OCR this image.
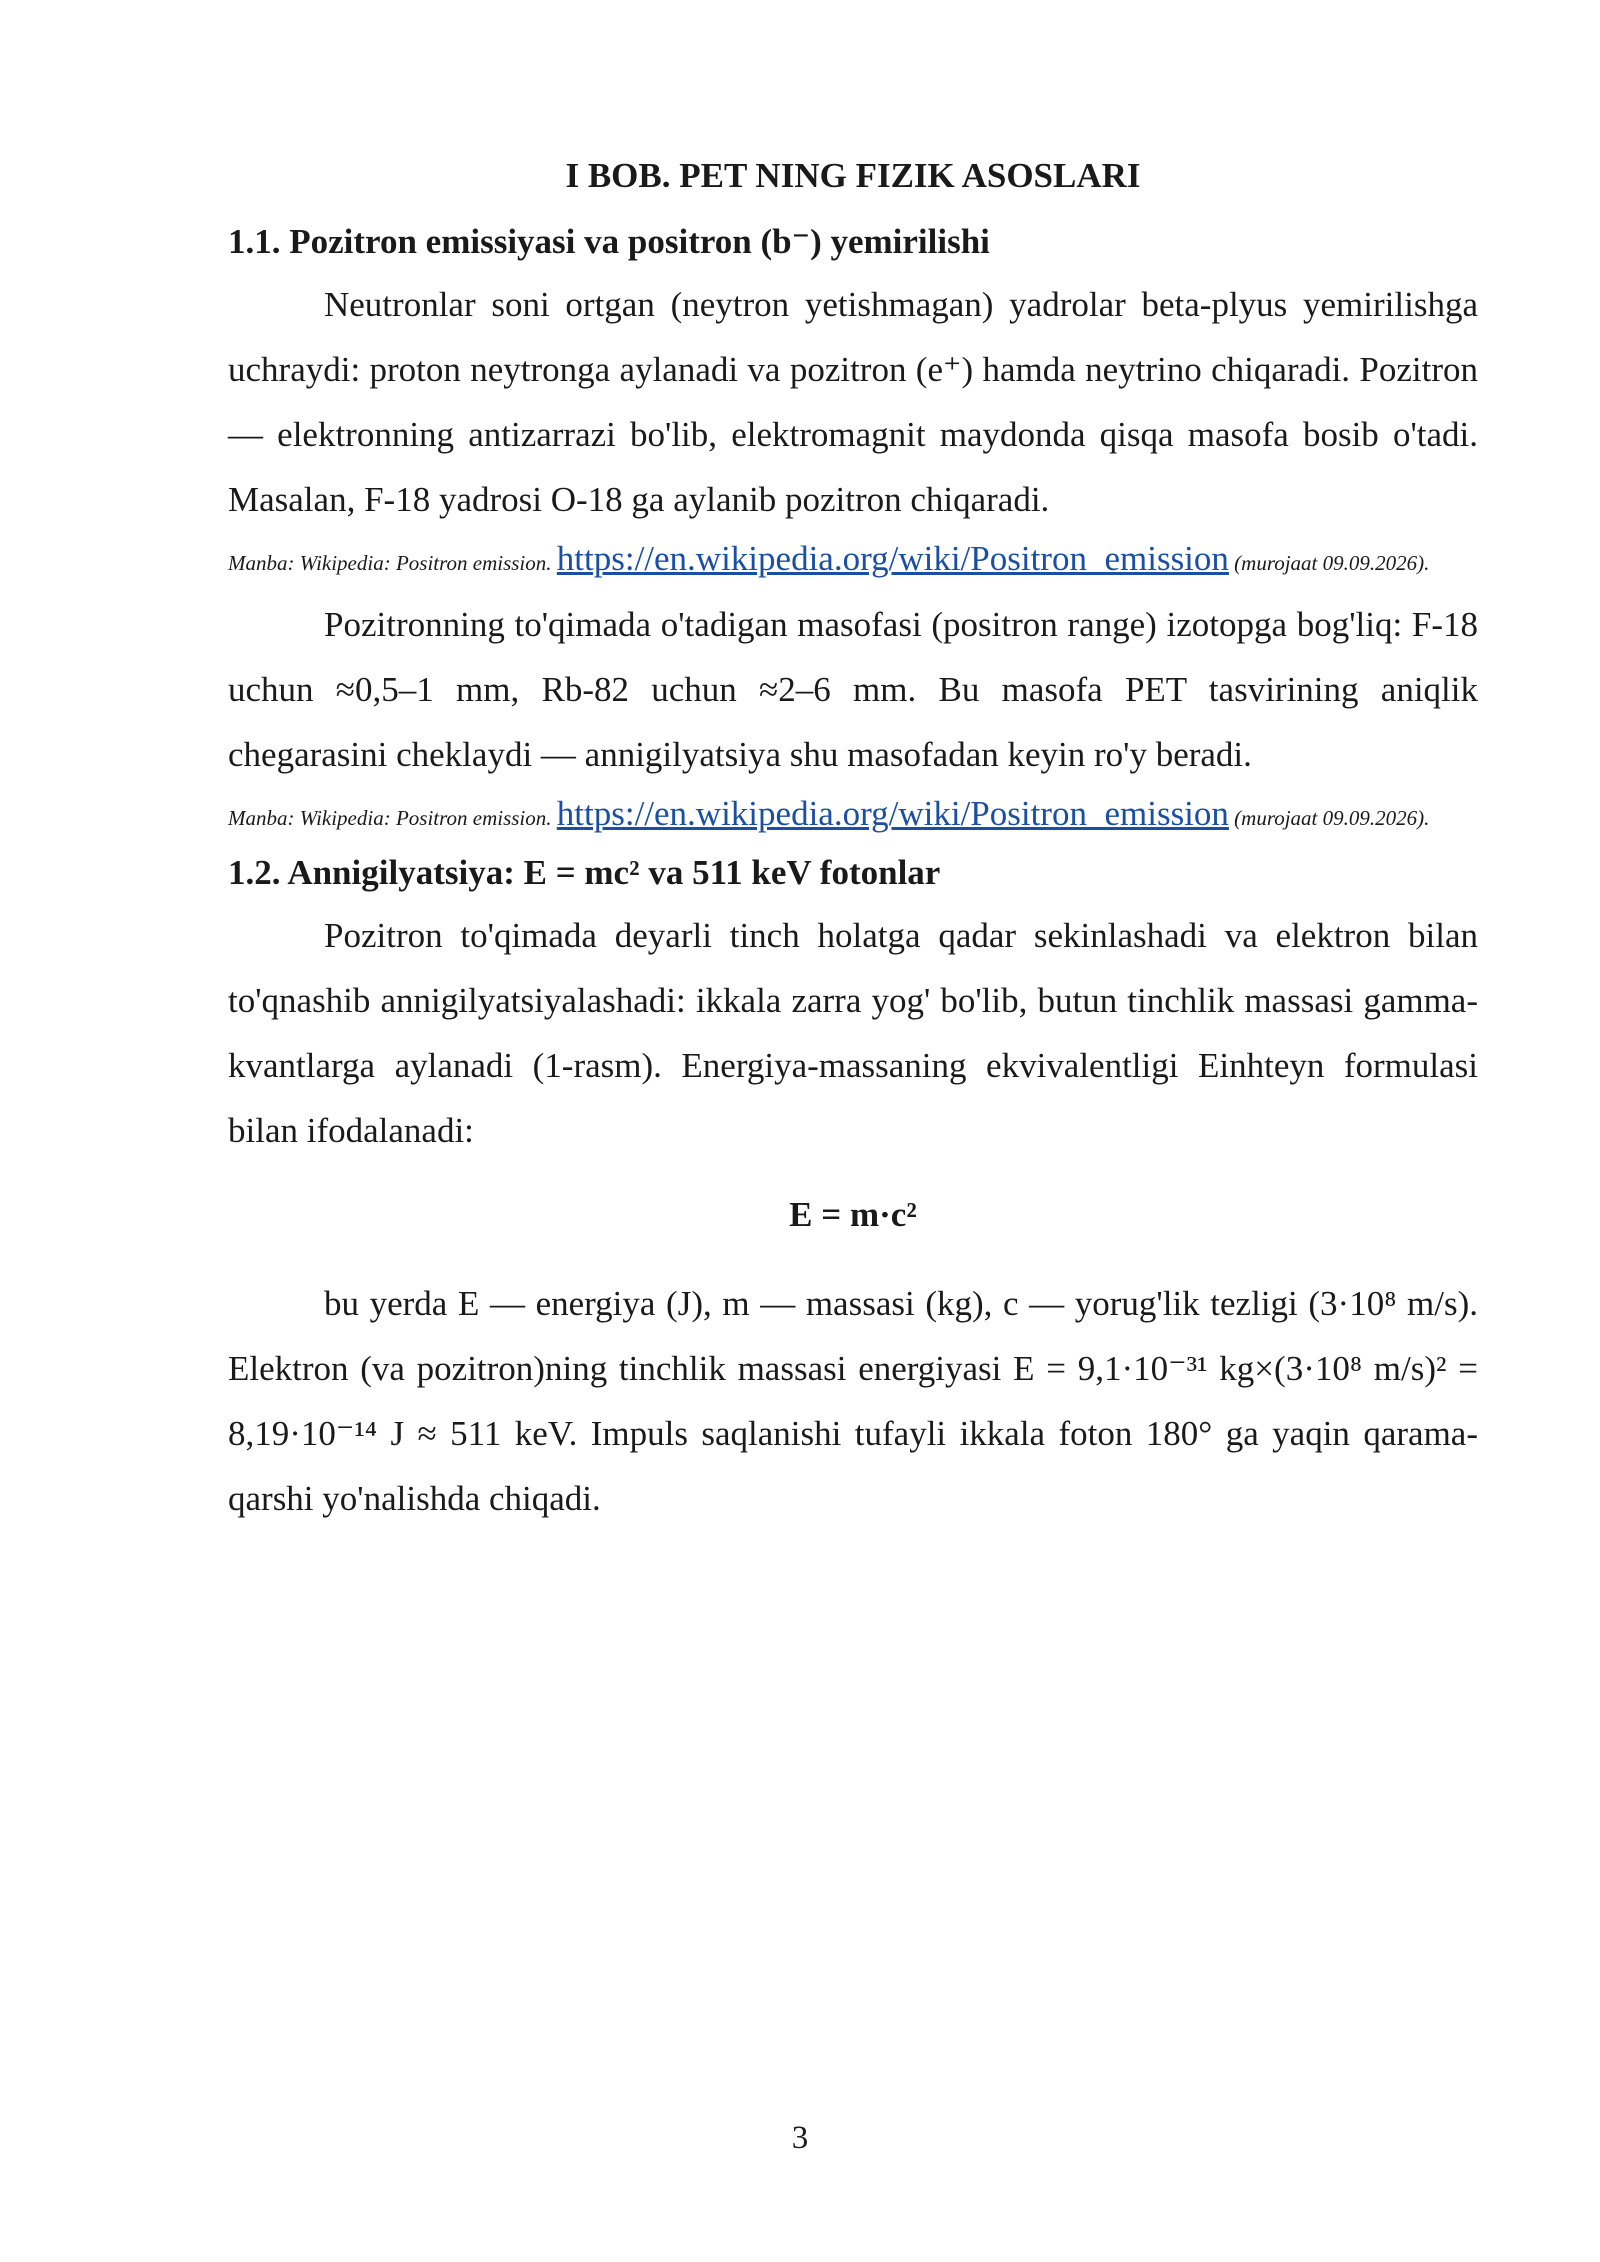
I BOB. PET NING FIZIK ASOSLARI
1.1. Pozitron emissiyasi va positron (b⁻) yemirilishi

Neutronlar soni ortgan (neytron yetishmagan) yadrolar beta-plyus yemirilishga uchraydi: proton neytronga aylanadi va pozitron (e⁺) hamda neytrino chiqaradi. Pozitron — elektronning antizarrazi bo'lib, elektromagnit maydonda qisqa masofa bosib o'tadi. Masalan, F-18 yadrosi O-18 ga aylanib pozitron chiqaradi.

Manba: Wikipedia: Positron emission. https://en.wikipedia.org/wiki/Positron_emission (murojaat 09.09.2026).

Pozitronning to'qimada o'tadigan masofasi (positron range) izotopga bog'liq: F-18 uchun ≈0,5–1 mm, Rb-82 uchun ≈2–6 mm. Bu masofa PET tasvirining aniqlik chegarasini cheklaydi — annigilyatsiya shu masofadan keyin ro'y beradi.

Manba: Wikipedia: Positron emission. https://en.wikipedia.org/wiki/Positron_emission (murojaat 09.09.2026).

1.2. Annigilyatsiya: E = mc² va 511 keV fotonlar

Pozitron to'qimada deyarli tinch holatga qadar sekinlashadi va elektron bilan to'qnashib annigilyatsiyalashadi: ikkala zarra yog' bo'lib, butun tinchlik massasi gamma-kvantlarga aylanadi (1-rasm). Energiya-massaning ekvivalentligi Einhteyn formulasi bilan ifodalanadi:

E = m·c²

bu yerda E — energiya (J), m — massasi (kg), c — yorug'lik tezligi (3·10⁸ m/s). Elektron (va pozitron)ning tinchlik massasi energiyasi E = 9,1·10⁻³¹ kg×(3·10⁸ m/s)² = 8,19·10⁻¹⁴ J ≈ 511 keV. Impuls saqlanishi tufayli ikkala foton 180° ga yaqin qarama-qarshi yo'nalishda chiqadi.

3
